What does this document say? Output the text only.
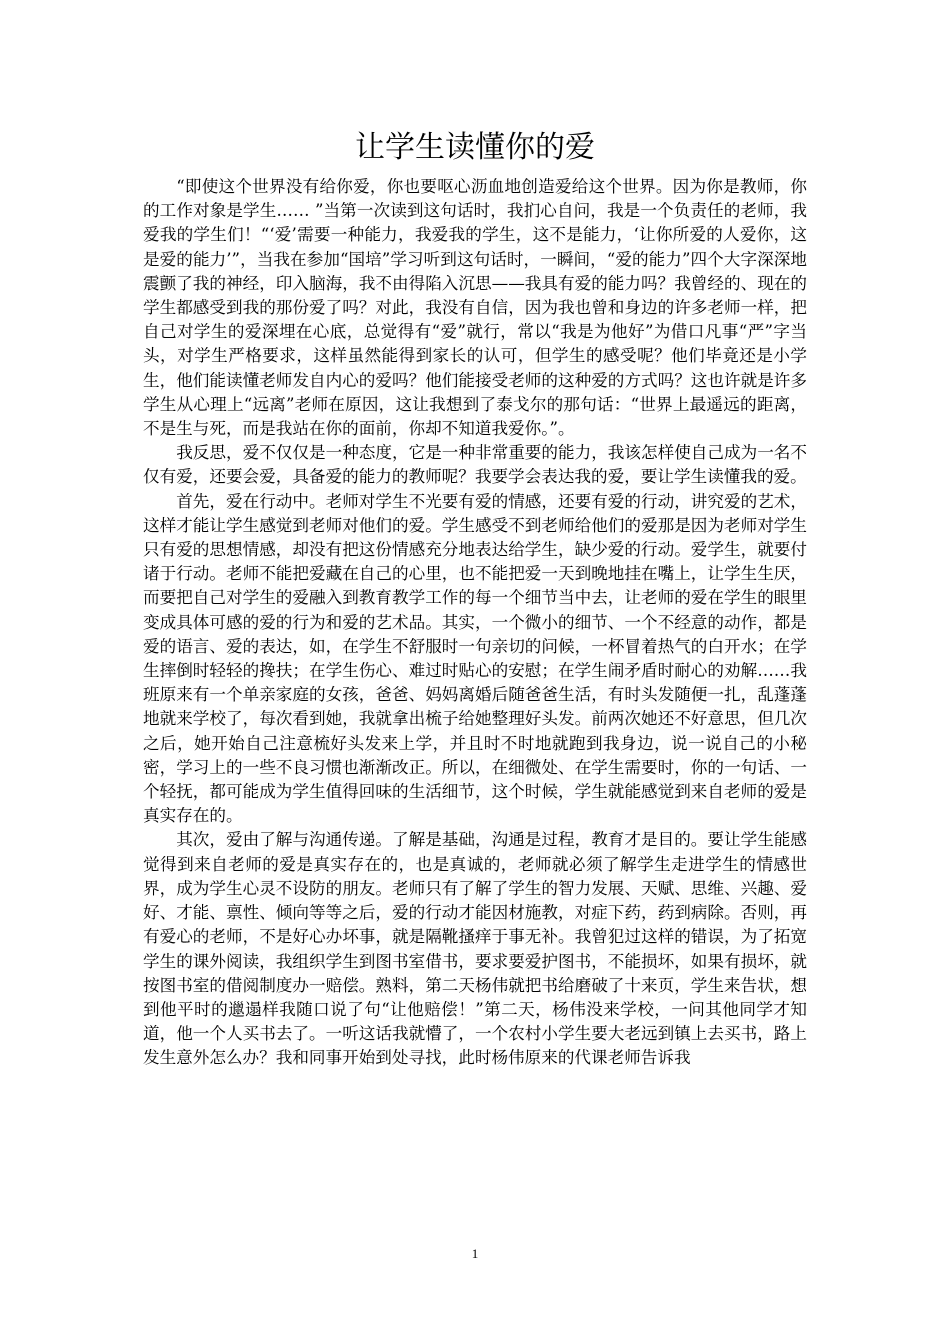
让学生读懂你的爱

“即使这个世界没有给你爱，你也要呕心沥血地创造爱给这个世界。因为你是教师，你的工作对象是学生…… ”当第一次读到这句话时，我扪心自问，我是一个负责任的老师，我爱我的学生们！“‘爱’需要一种能力，我爱我的学生，这不是能力，‘让你所爱的人爱你，这是爱的能力’”，当我在参加“国培”学习听到这句话时，一瞬间，“爱的能力”四个大字深深地震颤了我的神经，印入脑海，我不由得陷入沉思——我具有爱的能力吗？我曾经的、现在的学生都感受到我的那份爱了吗？对此，我没有自信，因为我也曾和身边的许多老师一样，把自己对学生的爱深埋在心底，总觉得有“爱”就行，常以“我是为他好”为借口凡事“严”字当头，对学生严格要求，这样虽然能得到家长的认可，但学生的感受呢？他们毕竟还是小学生，他们能读懂老师发自内心的爱吗？他们能接受老师的这种爱的方式吗？这也许就是许多学生从心理上“远离”老师在原因，这让我想到了泰戈尔的那句话：“世界上最遥远的距离，不是生与死，而是我站在你的面前，你却不知道我爱你。”。

我反思，爱不仅仅是一种态度，它是一种非常重要的能力，我该怎样使自己成为一名不仅有爱，还要会爱，具备爱的能力的教师呢？我要学会表达我的爱，要让学生读懂我的爱。

首先，爱在行动中。老师对学生不光要有爱的情感，还要有爱的行动，讲究爱的艺术，这样才能让学生感觉到老师对他们的爱。学生感受不到老师给他们的爱那是因为老师对学生只有爱的思想情感，却没有把这份情感充分地表达给学生，缺少爱的行动。爱学生，就要付诸于行动。老师不能把爱藏在自己的心里，也不能把爱一天到晚地挂在嘴上，让学生生厌，而要把自己对学生的爱融入到教育教学工作的每一个细节当中去，让老师的爱在学生的眼里变成具体可感的爱的行为和爱的艺术品。其实，一个微小的细节、一个不经意的动作，都是爱的语言、爱的表达，如，在学生不舒服时一句亲切的问候，一杯冒着热气的白开水；在学生摔倒时轻轻的搀扶；在学生伤心、难过时贴心的安慰；在学生闹矛盾时耐心的劝解……我班原来有一个单亲家庭的女孩，爸爸、妈妈离婚后随爸爸生活，有时头发随便一扎，乱蓬蓬地就来学校了，每次看到她，我就拿出梳子给她整理好头发。前两次她还不好意思，但几次之后，她开始自己注意梳好头发来上学，并且时不时地就跑到我身边，说一说自己的小秘密，学习上的一些不良习惯也渐渐改正。所以，在细微处、在学生需要时，你的一句话、一个轻抚，都可能成为学生值得回味的生活细节，这个时候，学生就能感觉到来自老师的爱是真实存在的。

其次，爱由了解与沟通传递。了解是基础，沟通是过程，教育才是目的。要让学生能感觉得到来自老师的爱是真实存在的，也是真诚的，老师就必须了解学生走进学生的情感世界，成为学生心灵不设防的朋友。老师只有了解了学生的智力发展、天赋、思维、兴趣、爱好、才能、禀性、倾向等等之后，爱的行动才能因材施教，对症下药，药到病除。否则，再有爱心的老师，不是好心办坏事，就是隔靴搔痒于事无补。我曾犯过这样的错误，为了拓宽学生的课外阅读，我组织学生到图书室借书，要求要爱护图书，不能损坏，如果有损坏，就按图书室的借阅制度办一赔偿。熟料，第二天杨伟就把书给磨破了十来页，学生来告状，想到他平时的邋遢样我随口说了句“让他赔偿！”第二天，杨伟没来学校，一问其他同学才知道，他一个人买书去了。一听这话我就懵了，一个农村小学生要大老远到镇上去买书，路上发生意外怎么办？我和同事开始到处寻找，此时杨伟原来的代课老师告诉我

1
